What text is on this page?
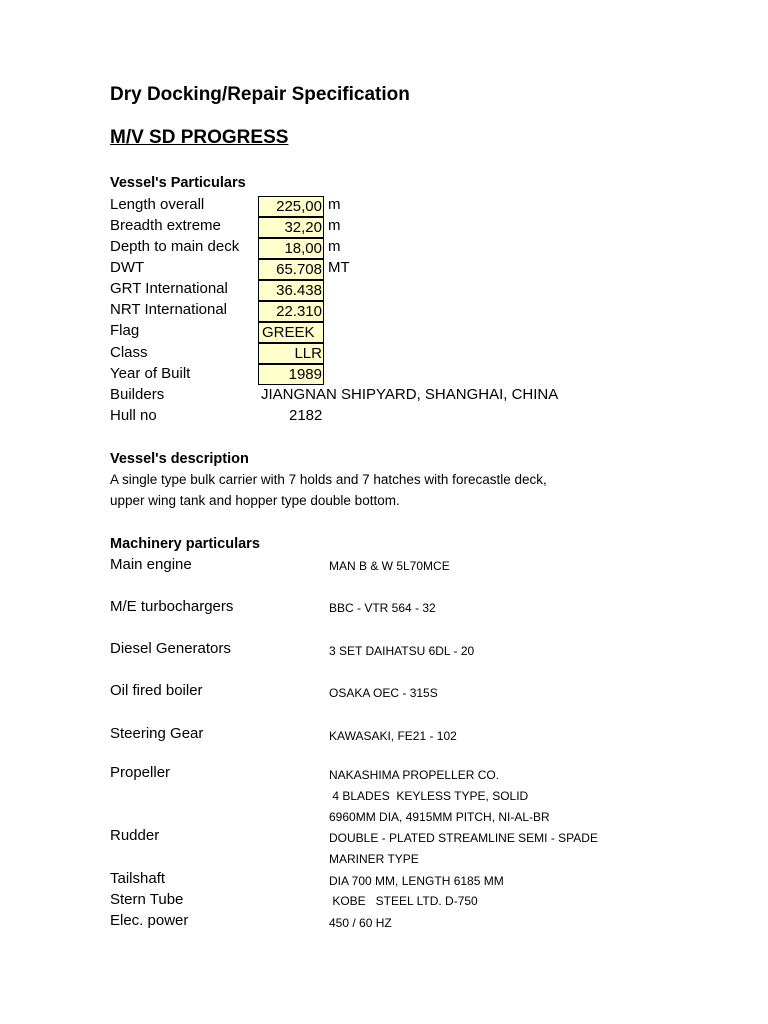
Dry Docking/Repair Specification
M/V SD PROGRESS
Vessel's Particulars
Length overall	225,00 m
Breadth extreme	32,20 m
Depth to main deck	18,00 m
DWT	65.708 MT
GRT International	36.438
NRT International	22.310
Flag	GREEK
Class	LLR
Year of Built	1989
Builders	JIANGNAN SHIPYARD, SHANGHAI, CHINA
Hull no	2182
Vessel's description
A single type bulk carrier with 7 holds and 7 hatches with forecastle deck,
upper wing tank and hopper type double bottom.
Machinery particulars
Main engine	MAN B & W 5L70MCE
M/E turbochargers	BBC - VTR 564 - 32
Diesel Generators	3 SET DAIHATSU 6DL - 20
Oil fired boiler	OSAKA OEC - 315S
Steering Gear	KAWASAKI, FE21 - 102
Propeller	NAKASHIMA PROPELLER CO.
4 BLADES  KEYLESS TYPE, SOLID
6960MM DIA, 4915MM PITCH, NI-AL-BR
Rudder	DOUBLE - PLATED STREAMLINE SEMI - SPADE
MARINER TYPE
Tailshaft	DIA 700 MM, LENGTH 6185 MM
Stern Tube	KOBE   STEEL LTD. D-750
Elec. power	450 / 60 HZ
